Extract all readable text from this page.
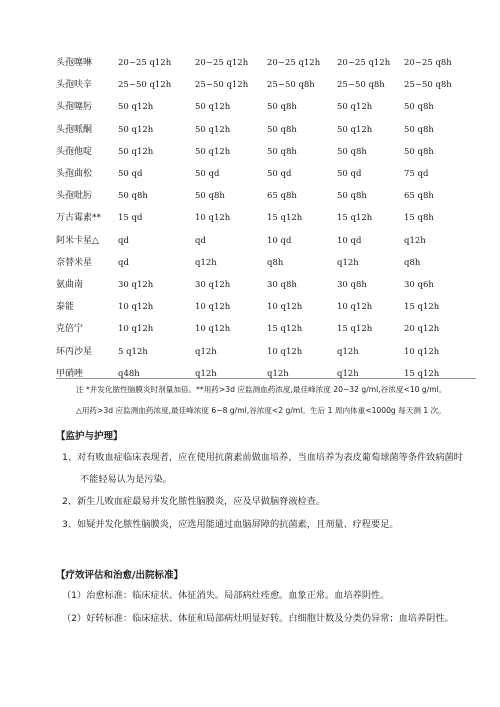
头孢噻啉	20~25 q12h	20~25 q12h	20~25 q12h	20~25 q12h	20~25 q8h
头孢呋辛	25~50 q12h	25~50 q12h	25~50 q8h	25~50 q8h	25~50 q8h
头孢噻肟	50 q12h	50 q12h	50 q8h	50 q12h	50 q8h
头孢哌酮	50 q12h	50 q12h	50 q8h	50 q12h	50 q8h
头孢他啶	50 q12h	50 q12h	50 q8h	50 q8h	50 q8h
头孢曲松	50 qd	50 qd	50 qd	50 qd	75 qd
头孢吡肟	50 q8h	50 q8h	65 q8h	50 q8h	65 q8h
万古霉素**	15 qd	10 q12h	15 q12h	15 q12h	15 q8h
阿米卡星△	qd	qd	10 qd	10 qd	q12h
奈替米星	qd	q12h	q8h	q12h	q8h
氨曲南	30 q12h	30 q12h	30 q8h	30 q8h	30 q6h
泰能	10 q12h	10 q12h	10 q12h	10 q12h	15 q12h
克倍宁	10 q12h	10 q12h	15 q12h	15 q12h	20 q12h
环丙沙星	5 q12h	q12h	10 q12h	q12h	10 q12h
甲硝唑	q48h	q12h	q12h	q12h	15 q12h
注 *并发化脓性脑膜炎时剂量加倍。**用药>3d 应监测血药浓度,最佳峰浓度 20~32 g/ml,谷浓度<10 g/ml。
△用药>3d 应监测血药浓度,最佳峰浓度 6~8 g/ml,谷浓度<2 g/ml。生后 1 周内体重<1000g 每天测 1 次。
【监护与护理】
1、对有败血症临床表现者，应在使用抗菌素前做血培养，当血培养为表皮葡萄球菌等条件致病菌时
不能轻易认为是污染。
2、新生儿败血症最易并发化脓性脑膜炎，应及早做脑脊液检查。
3、如疑并发化脓性脑膜炎，应选用能通过血脑屏障的抗菌素，且剂量、疗程要足。
【疗效评估和治愈/出院标准】
（1）治愈标准：临床症状、体征消失。局部病灶痊愈。血象正常。血培养阴性。
（2）好转标准：临床症状、体征和局部病灶明显好转。白细胞计数及分类仍异常；血培养阴性。
